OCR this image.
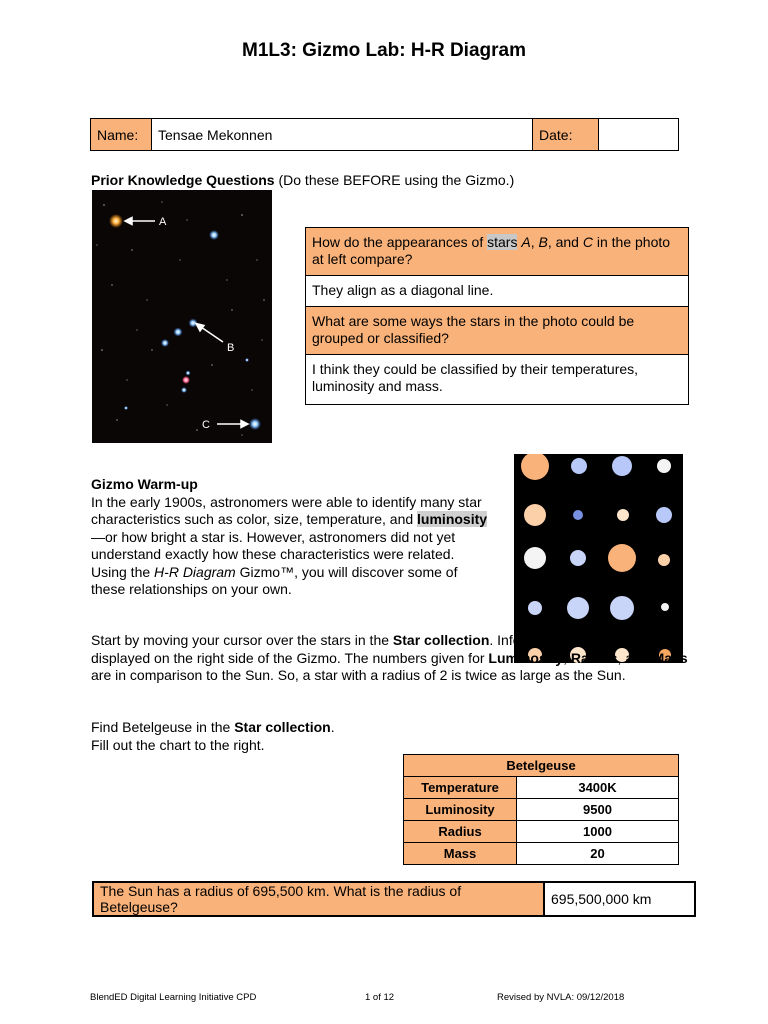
M1L3: Gizmo Lab: H-R Diagram
Name:	Tensae Mekonnen	Date:	
Prior Knowledge Questions (Do these BEFORE using the Gizmo.)
A
B
C
How do the appearances of stars A, B, and C in the photo at left compare?
They align as a diagonal line.
What are some ways the stars in the photo could be grouped or classified?
I think they could be classified by their temperatures, luminosity and mass.
Gizmo Warm-up
In the early 1900s, astronomers were able to identify many star characteristics such as color, size, temperature, and luminosity—or how bright a star is. However, astronomers did not yet understand exactly how these characteristics were related. Using the H-R Diagram Gizmo™, you will discover some of these relationships on your own.
Start by moving your cursor over the stars in the Star collection. Information about each star is displayed on the right side of the Gizmo. The numbers given for Luminosity, Radius, and Mass are in comparison to the Sun. So, a star with a radius of 2 is twice as large as the Sun.
Find Betelgeuse in the Star collection.
Fill out the chart to the right.
Betelgeuse	
Temperature	3400K
Luminosity	9500
Radius	1000
Mass	20
The Sun has a radius of 695,500 km. What is the radius of Betelgeuse?	695,500,000 km
BlendED Digital Learning Initiative CPD	1 of 12	Revised by NVLA: 09/12/2018
